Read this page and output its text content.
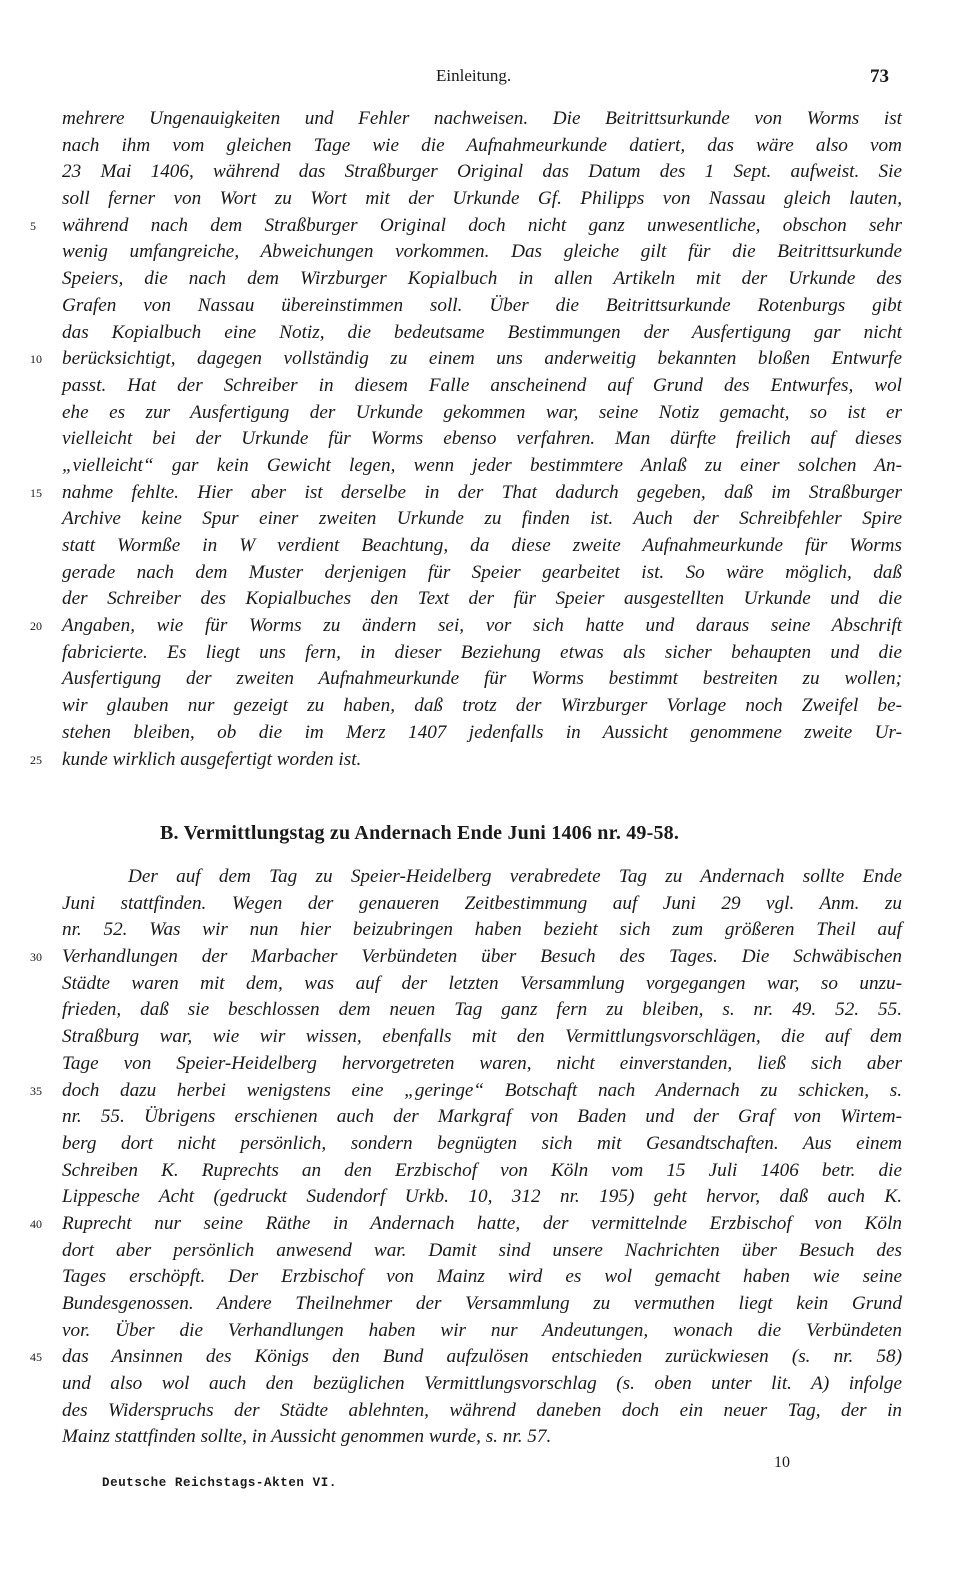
Einleitung.	73
mehrere Ungenauigkeiten und Fehler nachweisen. Die Beitrittsurkunde von Worms ist
nach ihm vom gleichen Tage wie die Aufnahmeurkunde datiert, das wäre also vom
23 Mai 1406, während das Straßburger Original das Datum des 1 Sept. aufweist. Sie
soll ferner von Wort zu Wort mit der Urkunde Gf. Philipps von Nassau gleich lauten,
5	während nach dem Straßburger Original doch nicht ganz unwesentliche, obschon sehr
wenig umfangreiche, Abweichungen vorkommen. Das gleiche gilt für die Beitrittsurkunde
Speiers, die nach dem Wirzburger Kopialbuch in allen Artikeln mit der Urkunde des
Grafen von Nassau übereinstimmen soll. Über die Beitrittsurkunde Rotenburgs gibt
das Kopialbuch eine Notiz, die bedeutsame Bestimmungen der Ausfertigung gar nicht
10	berücksichtigt, dagegen vollständig zu einem uns anderweitig bekannten bloßen Entwurfe
passt. Hat der Schreiber in diesem Falle anscheinend auf Grund des Entwurfes, wol
ehe es zur Ausfertigung der Urkunde gekommen war, seine Notiz gemacht, so ist er
vielleicht bei der Urkunde für Worms ebenso verfahren. Man dürfte freilich auf dieses
„vielleicht“ gar kein Gewicht legen, wenn jeder bestimmtere Anlaß zu einer solchen An-
15	nahme fehlte. Hier aber ist derselbe in der That dadurch gegeben, daß im Straßburger
Archive keine Spur einer zweiten Urkunde zu finden ist. Auch der Schreibfehler Spire
statt Wormße in W verdient Beachtung, da diese zweite Aufnahmeurkunde für Worms
gerade nach dem Muster derjenigen für Speier gearbeitet ist. So wäre möglich, daß
der Schreiber des Kopialbuches den Text der für Speier ausgestellten Urkunde und die
20	Angaben, wie für Worms zu ändern sei, vor sich hatte und daraus seine Abschrift
fabricierte. Es liegt uns fern, in dieser Beziehung etwas als sicher behaupten und die
Ausfertigung der zweiten Aufnahmeurkunde für Worms bestimmt bestreiten zu wollen;
wir glauben nur gezeigt zu haben, daß trotz der Wirzburger Vorlage noch Zweifel be-
stehen bleiben, ob die im Merz 1407 jedenfalls in Aussicht genommene zweite Ur-
25	kunde wirklich ausgefertigt worden ist.
B. Vermittlungstag zu Andernach Ende Juni 1406 nr. 49-58.
Der auf dem Tag zu Speier-Heidelberg verabredete Tag zu Andernach sollte Ende
Juni stattfinden. Wegen der genaueren Zeitbestimmung auf Juni 29 vgl. Anm. zu
nr. 52. Was wir nun hier beizubringen haben bezieht sich zum größeren Theil auf
30	Verhandlungen der Marbacher Verbündeten über Besuch des Tages. Die Schwäbischen
Städte waren mit dem, was auf der letzten Versammlung vorgegangen war, so unzu-
frieden, daß sie beschlossen dem neuen Tag ganz fern zu bleiben, s. nr. 49. 52. 55.
Straßburg war, wie wir wissen, ebenfalls mit den Vermittlungsvorschlägen, die auf dem
Tage von Speier-Heidelberg hervorgetreten waren, nicht einverstanden, ließ sich aber
35	doch dazu herbei wenigstens eine „geringe“ Botschaft nach Andernach zu schicken, s.
nr. 55. Übrigens erschienen auch der Markgraf von Baden und der Graf von Wirtem-
berg dort nicht persönlich, sondern begnügten sich mit Gesandtschaften. Aus einem
Schreiben K. Ruprechts an den Erzbischof von Köln vom 15 Juli 1406 betr. die
Lippesche Acht (gedruckt Sudendorf Urkb. 10, 312 nr. 195) geht hervor, daß auch K.
40	Ruprecht nur seine Räthe in Andernach hatte, der vermittelnde Erzbischof von Köln
dort aber persönlich anwesend war. Damit sind unsere Nachrichten über Besuch des
Tages erschöpft. Der Erzbischof von Mainz wird es wol gemacht haben wie seine
Bundesgenossen. Andere Theilnehmer der Versammlung zu vermuthen liegt kein Grund
vor. Über die Verhandlungen haben wir nur Andeutungen, wonach die Verbündeten
45	das Ansinnen des Königs den Bund aufzulösen entschieden zurückwiesen (s. nr. 58)
und also wol auch den bezüglichen Vermittlungsvorschlag (s. oben unter lit. A) infolge
des Widerspruchs der Städte ablehnten, während daneben doch ein neuer Tag, der in
Mainz stattfinden sollte, in Aussicht genommen wurde, s. nr. 57.
Deutsche Reichstags-Akten VI.
10
